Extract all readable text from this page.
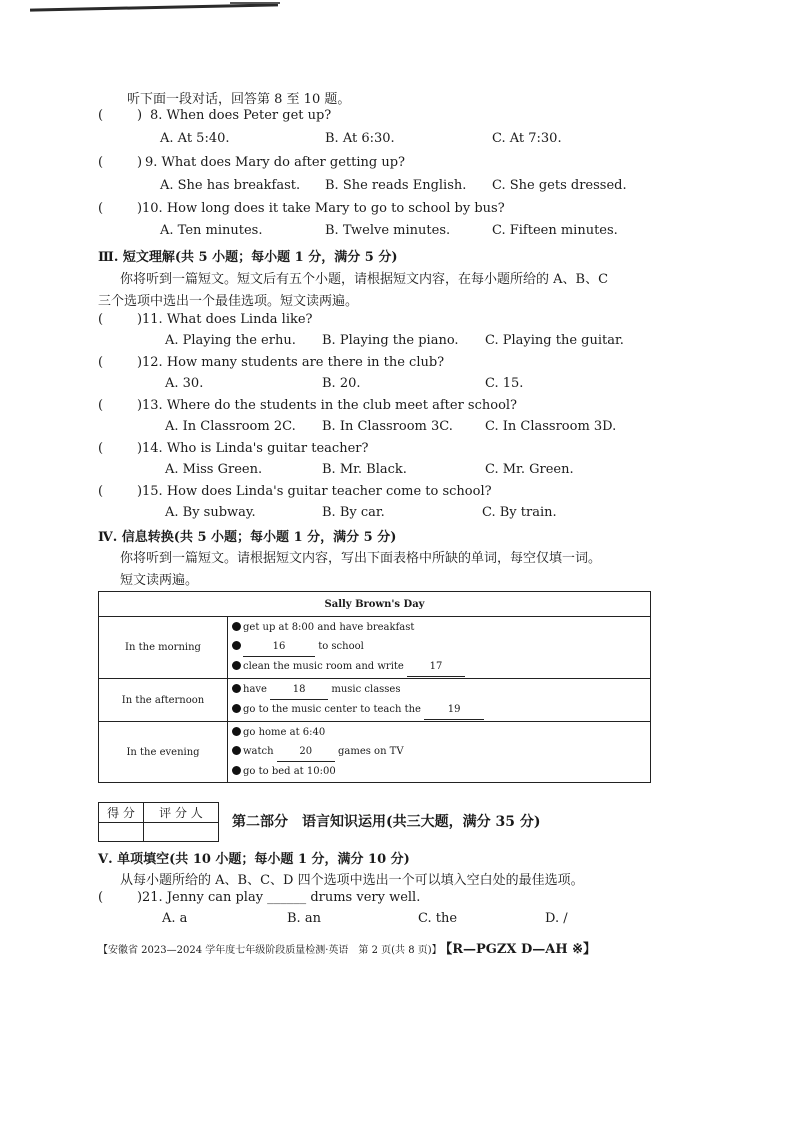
听下面一段对话，回答第 8 至 10 题。
(	) 8. When does Peter get up?
A. At 5:40.	B. At 6:30.	C. At 7:30.
(	) 9. What does Mary do after getting up?
A. She has breakfast. B. She reads English. C. She gets dressed.
(	) 10. How long does it take Mary to go to school by bus?
A. Ten minutes.	B. Twelve minutes.	C. Fifteen minutes.
Ⅲ. 短文理解(共 5 小题；每小题 1 分，满分 5 分)
你将听到一篇短文。短文后有五个小题，请根据短文内容，在每小题所给的 A、B、C
三个选项中选出一个最佳选项。短文读两遍。
(	) 11. What does Linda like?
A. Playing the erhu. B. Playing the piano. C. Playing the guitar.
(	) 12. How many students are there in the club?
A. 30.	B. 20.	C. 15.
(	) 13. Where do the students in the club meet after school?
A. In Classroom 2C. B. In Classroom 3C. C. In Classroom 3D.
(	) 14. Who is Linda's guitar teacher?
A. Miss Green.	B. Mr. Black.	C. Mr. Green.
(	) 15. How does Linda's guitar teacher come to school?
A. By subway.	B. By car.	C. By train.
Ⅳ. 信息转换(共 5 小题；每小题 1 分，满分 5 分)
你将听到一篇短文。请根据短文内容，写出下面表格中所缺的单词，每空仅填一词。
短文读两遍。
Sally Brown's Day	
In the morning	get up at 8:00 and have breakfast
16 to school
clean the music room and write 17

In the afternoon	have 18 music classes
go to the music center to teach the 19

In the evening	go home at 6:40
watch 20 games on TV
go to bed at 10:00
得 分	评 分 人

第二部分　语言知识运用(共三大题，满分 35 分)
Ⅴ. 单项填空(共 10 小题；每小题 1 分，满分 10 分)
从每小题所给的 A、B、C、D 四个选项中选出一个可以填入空白处的最佳选项。
(	) 21. Jenny can play ______ drums very well.
A. a	B. an	C. the	D. /
【安徽省 2023—2024 学年度七年级阶段质量检测·英语　第 2 页(共 8 页)】 【R—PGZX D—AH ※】
